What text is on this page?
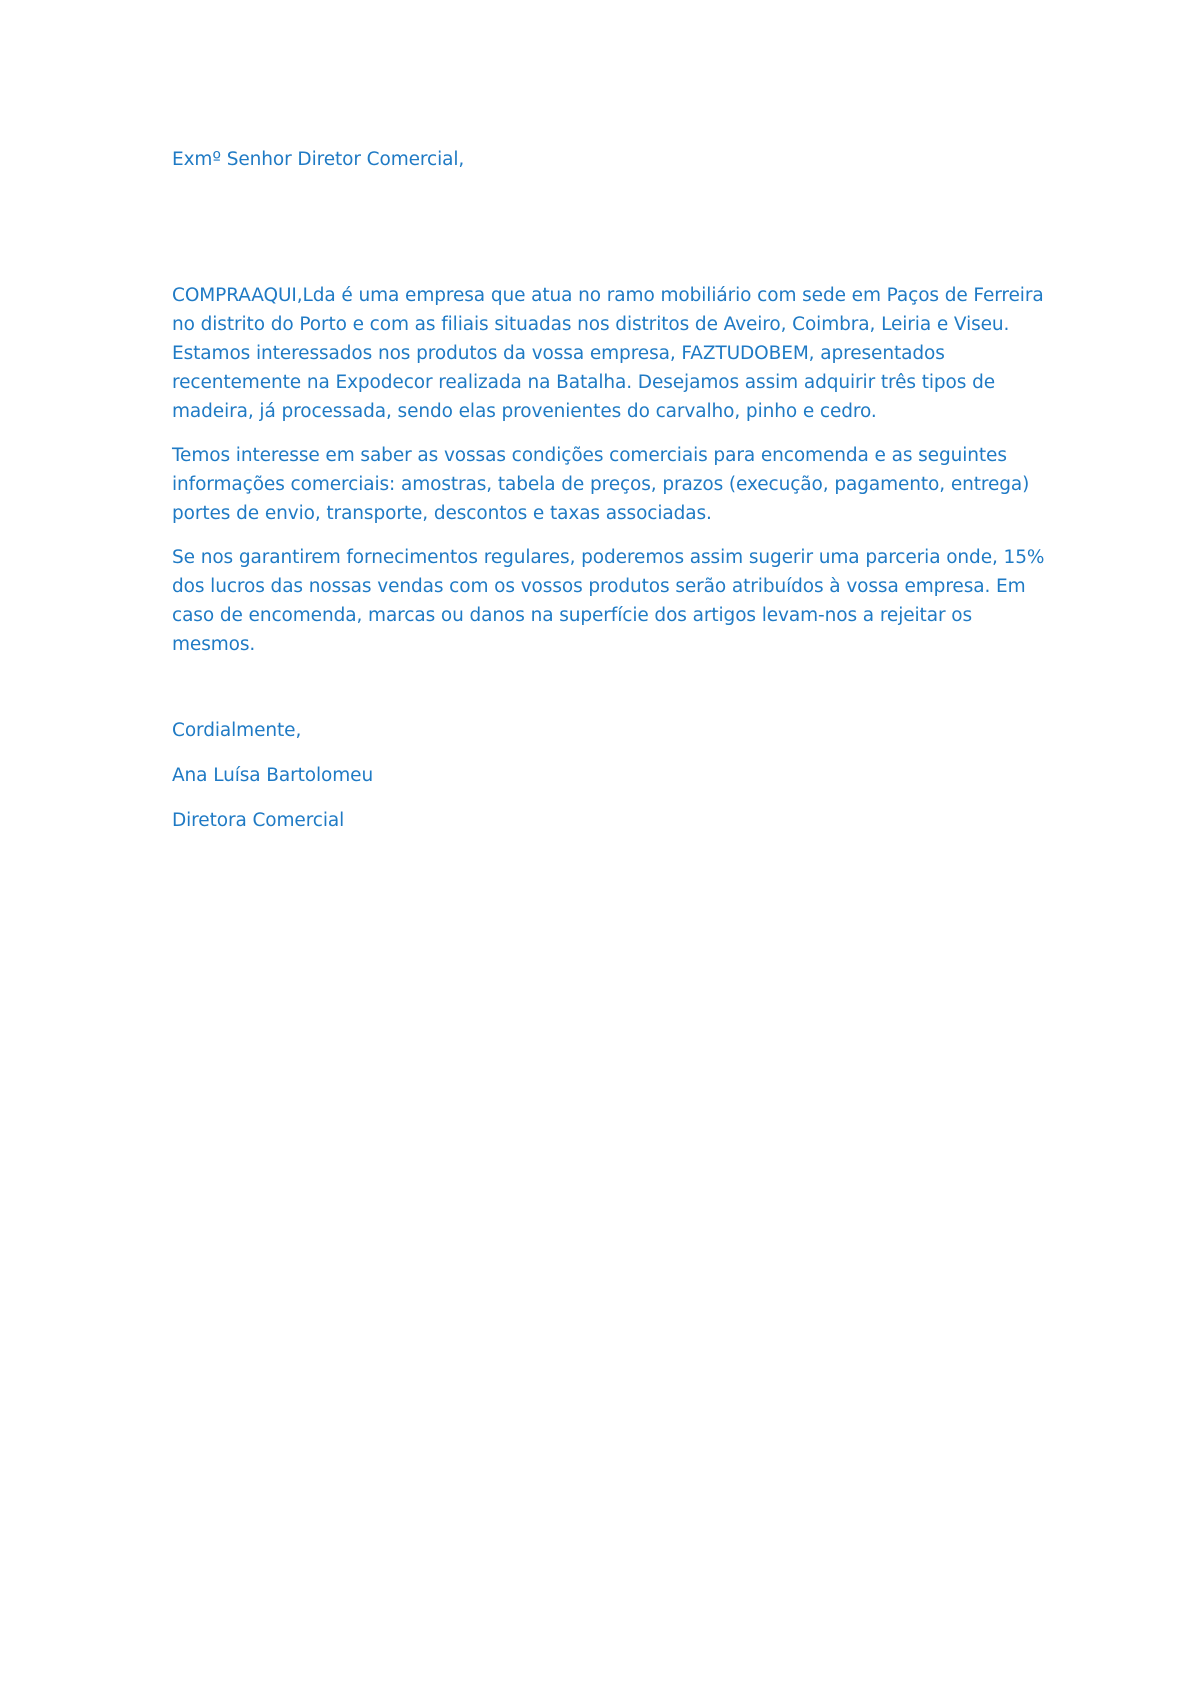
Exmº Senhor Diretor Comercial,

COMPRAAQUI,Lda é uma empresa que atua no ramo mobiliário com sede em Paços de Ferreira no distrito do Porto e com as filiais situadas nos distritos de Aveiro, Coimbra, Leiria e Viseu. Estamos interessados nos produtos da vossa empresa, FAZTUDOBEM, apresentados recentemente na Expodecor realizada na Batalha. Desejamos assim adquirir três tipos de madeira, já processada, sendo elas provenientes do carvalho, pinho e cedro.

Temos interesse em saber as vossas condições comerciais para encomenda e as seguintes informações comerciais: amostras, tabela de preços, prazos (execução, pagamento, entrega) portes de envio, transporte, descontos e taxas associadas.

Se nos garantirem fornecimentos regulares, poderemos assim sugerir uma parceria onde, 15% dos lucros das nossas vendas com os vossos produtos serão atribuídos à vossa empresa. Em caso de encomenda, marcas ou danos na superfície dos artigos levam-nos a rejeitar os mesmos.

Cordialmente,

Ana Luísa Bartolomeu

Diretora Comercial
